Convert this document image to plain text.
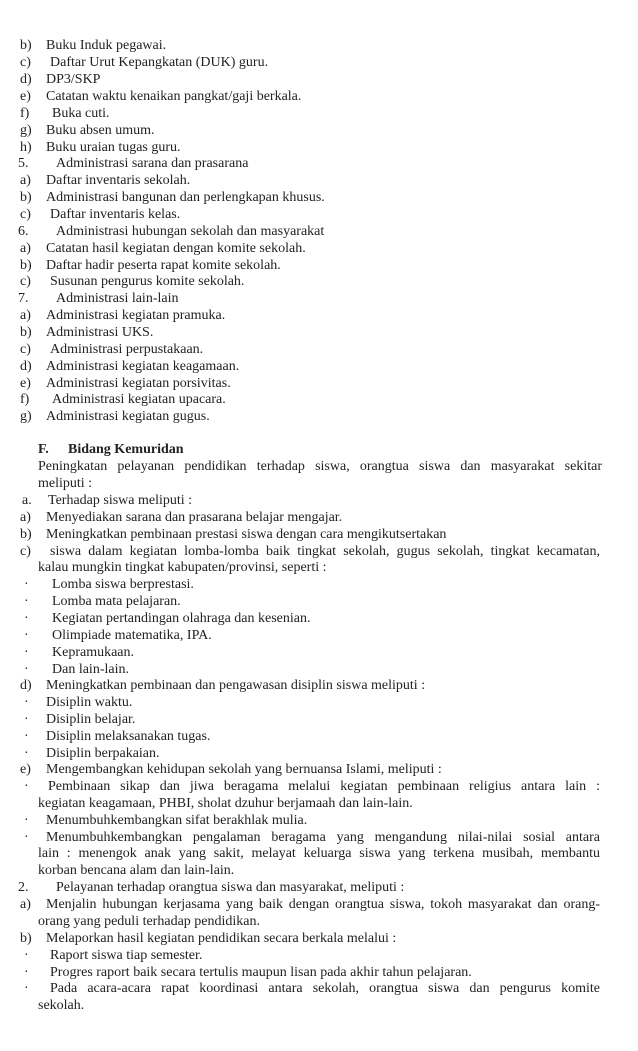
b) Buku Induk pegawai.
c) Daftar Urut Kepangkatan (DUK) guru.
d) DP3/SKP
e) Catatan waktu kenaikan pangkat/gaji berkala.
f) Buka cuti.
g) Buku absen umum.
h) Buku uraian tugas guru.
5. Administrasi sarana dan prasarana
a) Daftar inventaris sekolah.
b) Administrasi bangunan dan perlengkapan khusus.
c) Daftar inventaris kelas.
6. Administrasi hubungan sekolah dan masyarakat
a) Catatan hasil kegiatan dengan komite sekolah.
b) Daftar hadir peserta rapat komite sekolah.
c) Susunan pengurus komite sekolah.
7. Administrasi lain-lain
a) Administrasi kegiatan pramuka.
b) Administrasi UKS.
c) Administrasi perpustakaan.
d) Administrasi kegiatan keagamaan.
e) Administrasi kegiatan porsivitas.
f) Administrasi kegiatan upacara.
g) Administrasi kegiatan gugus.
F. Bidang Kemuridan
Peningkatan pelayanan pendidikan terhadap siswa, orangtua siswa dan masyarakat sekitar
meliputi :
a. Terhadap siswa meliputi :
a) Menyediakan sarana dan prasarana belajar mengajar.
b) Meningkatkan pembinaan prestasi siswa dengan cara mengikutsertakan
c)	siswa dalam kegiatan lomba-lomba baik tingkat sekolah, gugus sekolah, tingkat kecamatan,
kalau mungkin tingkat kabupaten/provinsi, seperti :
· Lomba siswa berprestasi.
· Lomba mata pelajaran.
· Kegiatan pertandingan olahraga dan kesenian.
· Olimpiade matematika, IPA.
· Kepramukaan.
· Dan lain-lain.
d) Meningkatkan pembinaan dan pengawasan disiplin siswa meliputi :
· Disiplin waktu.
· Disiplin belajar.
· Disiplin melaksanakan tugas.
· Disiplin berpakaian.
e) Mengembangkan kehidupan sekolah yang bernuansa Islami, meliputi :
·	Pembinaan sikap dan jiwa beragama melalui kegiatan pembinaan religius antara lain :
kegiatan keagamaan, PHBI, sholat dzuhur berjamaah dan lain-lain.
· Menumbuhkembangkan sifat berakhlak mulia.
·	Menumbuhkembangkan pengalaman beragama yang mengandung nilai-nilai sosial antara
lain : menengok anak yang sakit, melayat keluarga siswa yang terkena musibah, membantu
korban bencana alam dan lain-lain.
2. Pelayanan terhadap orangtua siswa dan masyarakat, meliputi :
a)	Menjalin hubungan kerjasama yang baik dengan orangtua siswa, tokoh masyarakat dan orang-
orang yang peduli terhadap pendidikan.
b) Melaporkan hasil kegiatan pendidikan secara berkala melalui :
· Raport siswa tiap semester.
· Progres raport baik secara tertulis maupun lisan pada akhir tahun pelajaran.
·	Pada acara-acara rapat koordinasi antara sekolah, orangtua siswa dan pengurus komite
sekolah.
